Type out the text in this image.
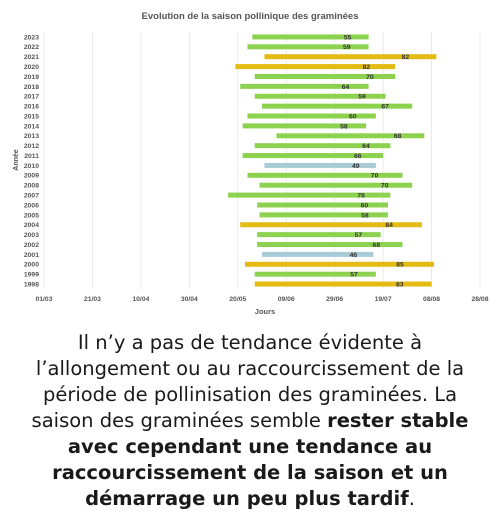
Evolution de la saison pollinique des graminées
55
59
82
82
70
64
59
67
60
58
68
64
66
49
70
70
76
60
58
84
57
68
46
85
57
83
2023
2022
2021
2020
2019
2018
2017
2016
2015
2014
2013
2012
2011
2010
2009
2008
2007
2006
2005
2004
2003
2002
2001
2000
1999
1998
01/03	21/03	10/04	30/04	20/05	09/06	29/06	19/07	08/08	28/08
Jours
Année
Il n’y a pas de tendance évidente à l’allongement ou au raccourcissement de la période de pollinisation des graminées. La saison des graminées semble rester stable avec cependant une tendance au raccourcissement de la saison et un démarrage un peu plus tardif.
